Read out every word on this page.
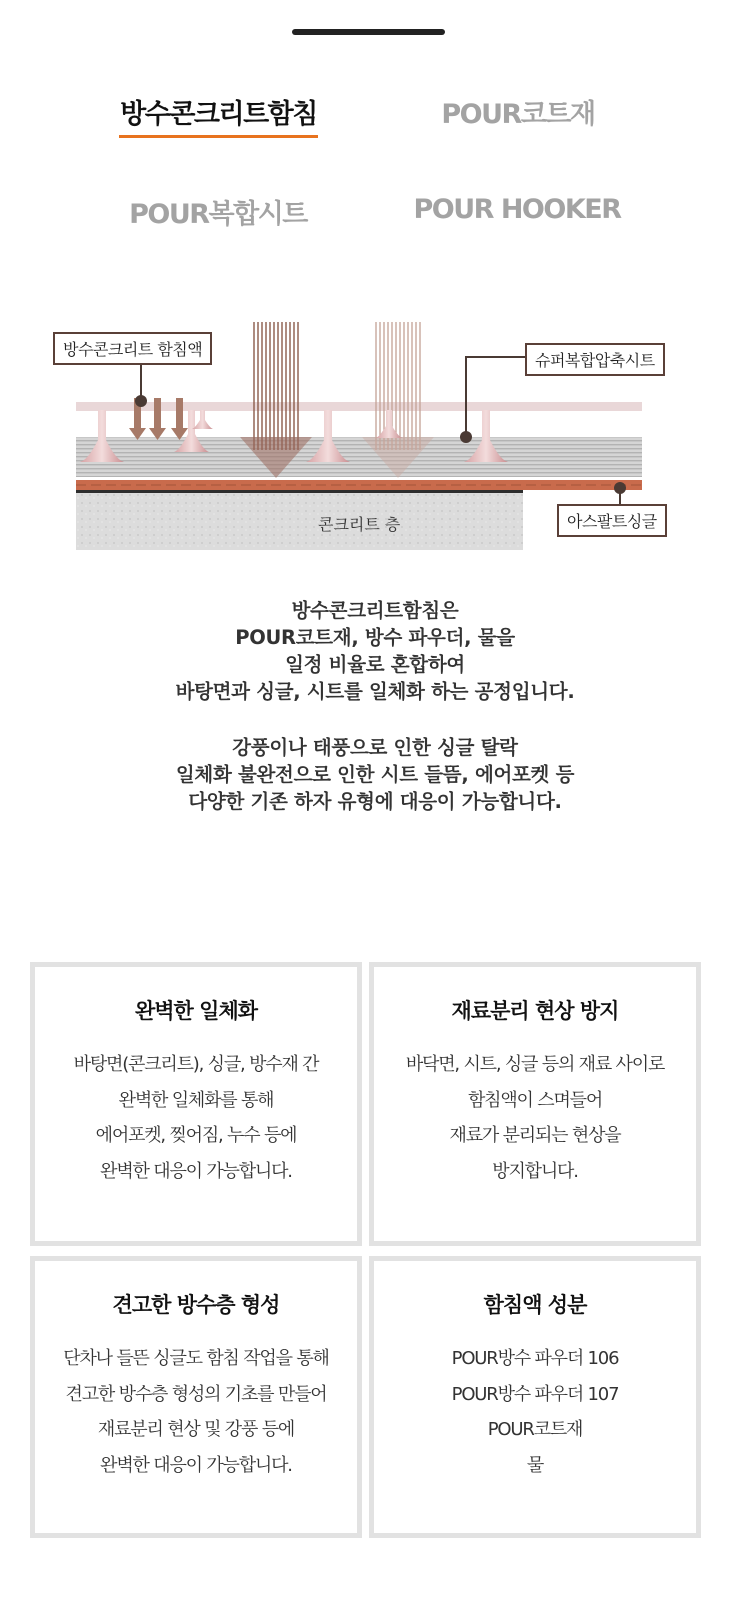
방수콘크리트함침	POUR코트재
POUR복합시트	POUR HOOKER
방수콘크리트 함침액
슈퍼복합압축시트
아스팔트싱글
콘크리트 층
방수콘크리트함침은
POUR코트재, 방수 파우더, 물을
일정 비율로 혼합하여
바탕면과 싱글, 시트를 일체화 하는 공정입니다.
강풍이나 태풍으로 인한 싱글 탈락
일체화 불완전으로 인한 시트 들뜸, 에어포켓 등
다양한 기존 하자 유형에 대응이 가능합니다.
완벽한 일체화
바탕면(콘크리트), 싱글, 방수재 간
완벽한 일체화를 통해
에어포켓, 찢어짐, 누수 등에
완벽한 대응이 가능합니다.
재료분리 현상 방지
바닥면, 시트, 싱글 등의 재료 사이로
함침액이 스며들어
재료가 분리되는 현상을
방지합니다.
견고한 방수층 형성
단차나 들뜬 싱글도 함침 작업을 통해
견고한 방수층 형성의 기초를 만들어
재료분리 현상 및 강풍 등에
완벽한 대응이 가능합니다.
함침액 성분
POUR방수 파우더 106
POUR방수 파우더 107
POUR코트재
물
